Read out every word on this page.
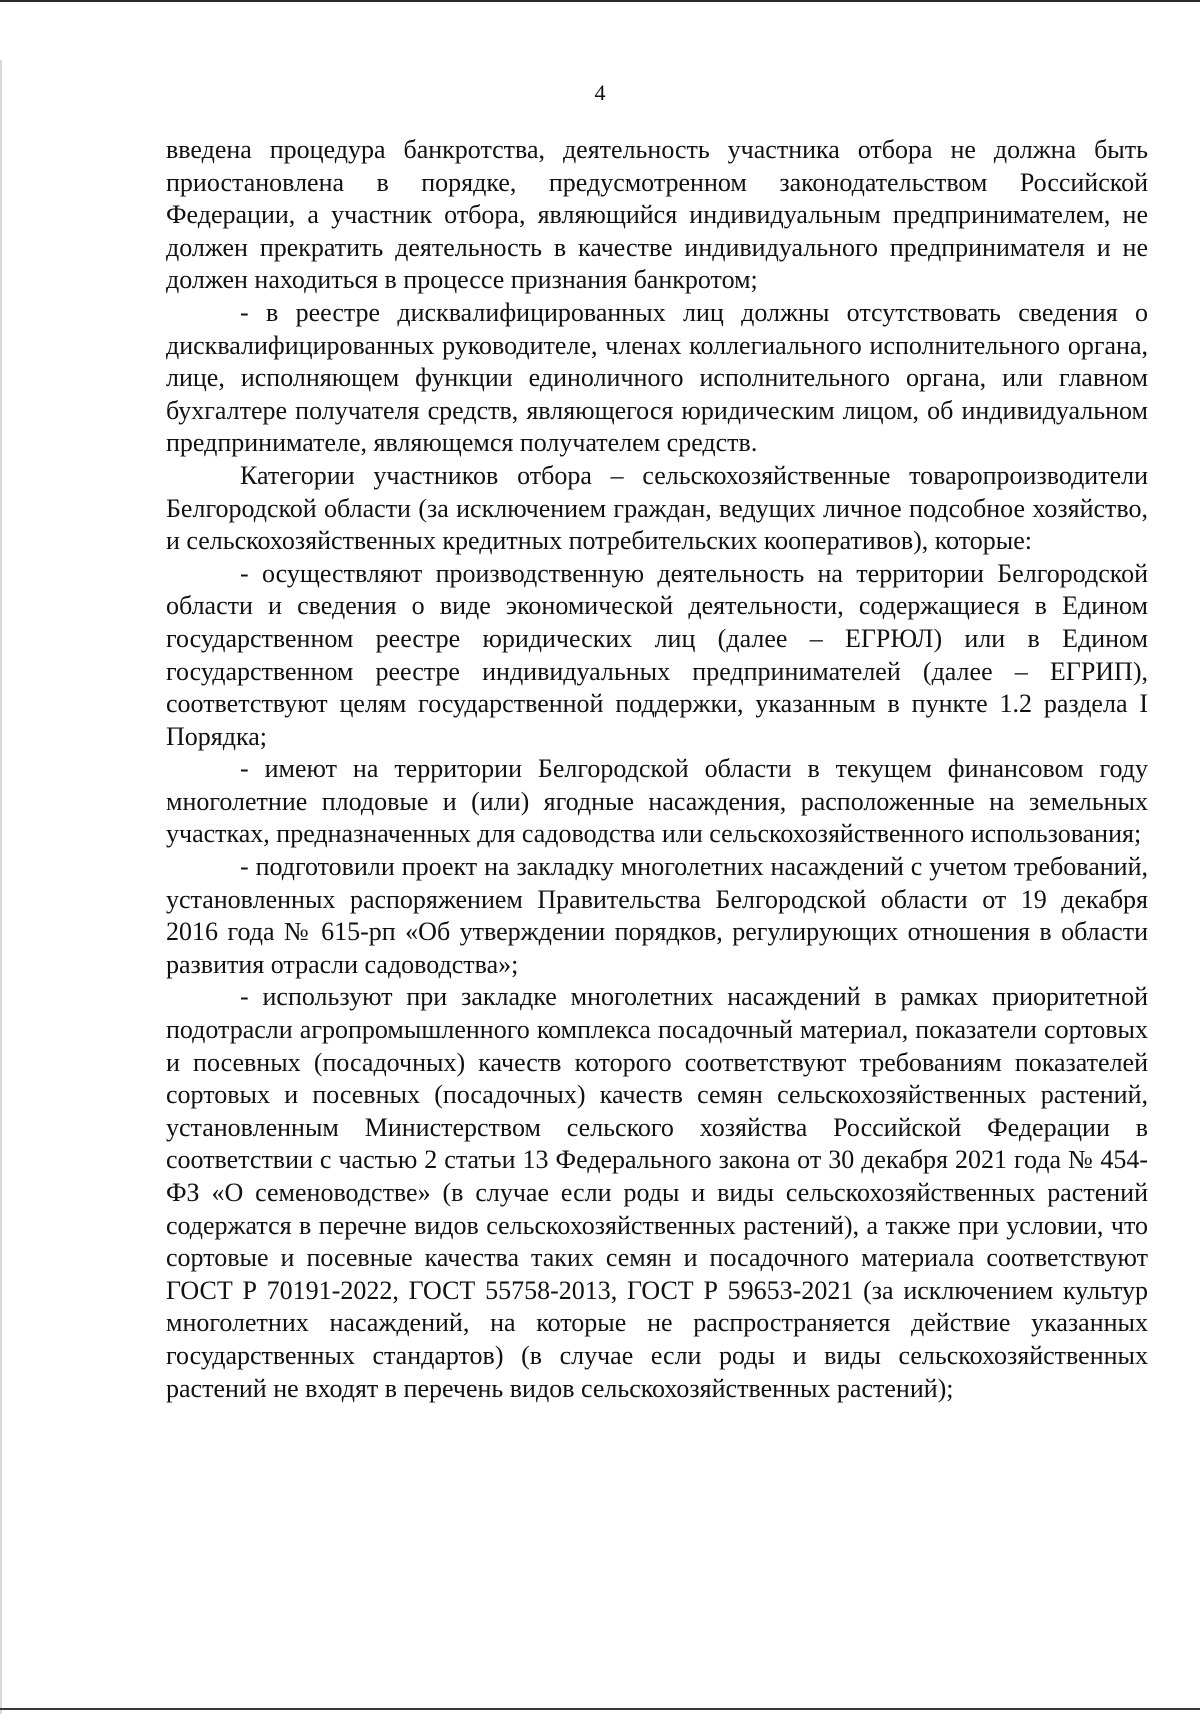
4

введена процедура банкротства, деятельность участника отбора не должна быть приостановлена в порядке, предусмотренном законодательством Российской Федерации, а участник отбора, являющийся индивидуальным предпринимателем, не должен прекратить деятельность в качестве индивидуального предпринимателя и не должен находиться в процессе признания банкротом;

- в реестре дисквалифицированных лиц должны отсутствовать сведения о дисквалифицированных руководителе, членах коллегиального исполнительного органа, лице, исполняющем функции единоличного исполнительного органа, или главном бухгалтере получателя средств, являющегося юридическим лицом, об индивидуальном предпринимателе, являющемся получателем средств.

Категории участников отбора – сельскохозяйственные товаропроизводители Белгородской области (за исключением граждан, ведущих личное подсобное хозяйство, и сельскохозяйственных кредитных потребительских кооперативов), которые:

- осуществляют производственную деятельность на территории Белгородской области и сведения о виде экономической деятельности, содержащиеся в Едином государственном реестре юридических лиц (далее – ЕГРЮЛ) или в Едином государственном реестре индивидуальных предпринимателей (далее – ЕГРИП), соответствуют целям государственной поддержки, указанным в пункте 1.2 раздела I Порядка;

- имеют на территории Белгородской области в текущем финансовом году многолетние плодовые и (или) ягодные насаждения, расположенные на земельных участках, предназначенных для садоводства или сельскохозяйственного использования;

- подготовили проект на закладку многолетних насаждений с учетом требований, установленных распоряжением Правительства Белгородской области от 19 декабря 2016 года № 615-рп «Об утверждении порядков, регулирующих отношения в области развития отрасли садоводства»;

- используют при закладке многолетних насаждений в рамках приоритетной подотрасли агропромышленного комплекса посадочный материал, показатели сортовых и посевных (посадочных) качеств которого соответствуют требованиям показателей сортовых и посевных (посадочных) качеств семян сельскохозяйственных растений, установленным Министерством сельского хозяйства Российской Федерации в соответствии с частью 2 статьи 13 Федерального закона от 30 декабря 2021 года № 454-ФЗ «О семеноводстве» (в случае если роды и виды сельскохозяйственных растений содержатся в перечне видов сельскохозяйственных растений), а также при условии, что сортовые и посевные качества таких семян и посадочного материала соответствуют ГОСТ Р 70191-2022, ГОСТ 55758-2013, ГОСТ Р 59653-2021 (за исключением культур многолетних насаждений, на которые не распространяется действие указанных государственных стандартов) (в случае если роды и виды сельскохозяйственных растений не входят в перечень видов сельскохозяйственных растений);
